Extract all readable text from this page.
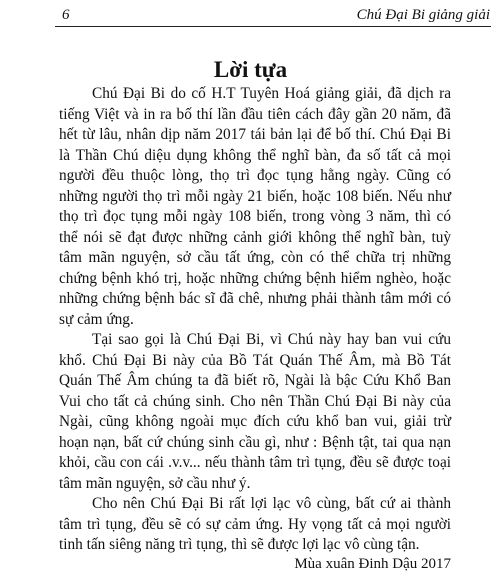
6	Chú Đại Bi giảng giải
Lời tựa

Chú Đại Bi do cố H.T Tuyên Hoá giảng giải, đã dịch ra tiếng Việt và in ra bố thí lần đầu tiên cách đây gần 20 năm, đã hết từ lâu, nhân dịp năm 2017 tái bản lại để bố thí. Chú Đại Bi là Thần Chú diệu dụng không thể nghĩ bàn, đa số tất cả mọi người đều thuộc lòng, thọ trì đọc tụng hằng ngày. Cũng có những người thọ trì mỗi ngày 21 biến, hoặc 108 biến. Nếu như thọ trì đọc tụng mỗi ngày 108 biến, trong vòng 3 năm, thì có thể nói sẽ đạt được những cảnh giới không thể nghĩ bàn, tuỳ tâm mãn nguyện, sở cầu tất ứng, còn có thể chữa trị những chứng bệnh khó trị, hoặc những chứng bệnh hiểm nghèo, hoặc những chứng bệnh bác sĩ đã chê, nhưng phải thành tâm mới có sự cảm ứng.

Tại sao gọi là Chú Đại Bi, vì Chú này hay ban vui cứu khổ. Chú Đại Bi này của Bồ Tát Quán Thế Âm, mà Bồ Tát Quán Thế Âm chúng ta đã biết rõ, Ngài là bậc Cứu Khổ Ban Vui cho tất cả chúng sinh. Cho nên Thần Chú Đại Bi này của Ngài, cũng không ngoài mục đích cứu khổ ban vui, giải trừ hoạn nạn, bất cứ chúng sinh cầu gì, như : Bệnh tật, tai qua nạn khỏi, cầu con cái .v.v... nếu thành tâm trì tụng, đều sẽ được toại tâm mãn nguyện, sở cầu như ý.

Cho nên Chú Đại Bi rất lợi lạc vô cùng, bất cứ ai thành tâm trì tụng, đều sẽ có sự cảm ứng. Hy vọng tất cả mọi người tinh tấn siêng năng trì tụng, thì sẽ được lợi lạc vô cùng tận.

Mùa xuân Đinh Dậu 2017
